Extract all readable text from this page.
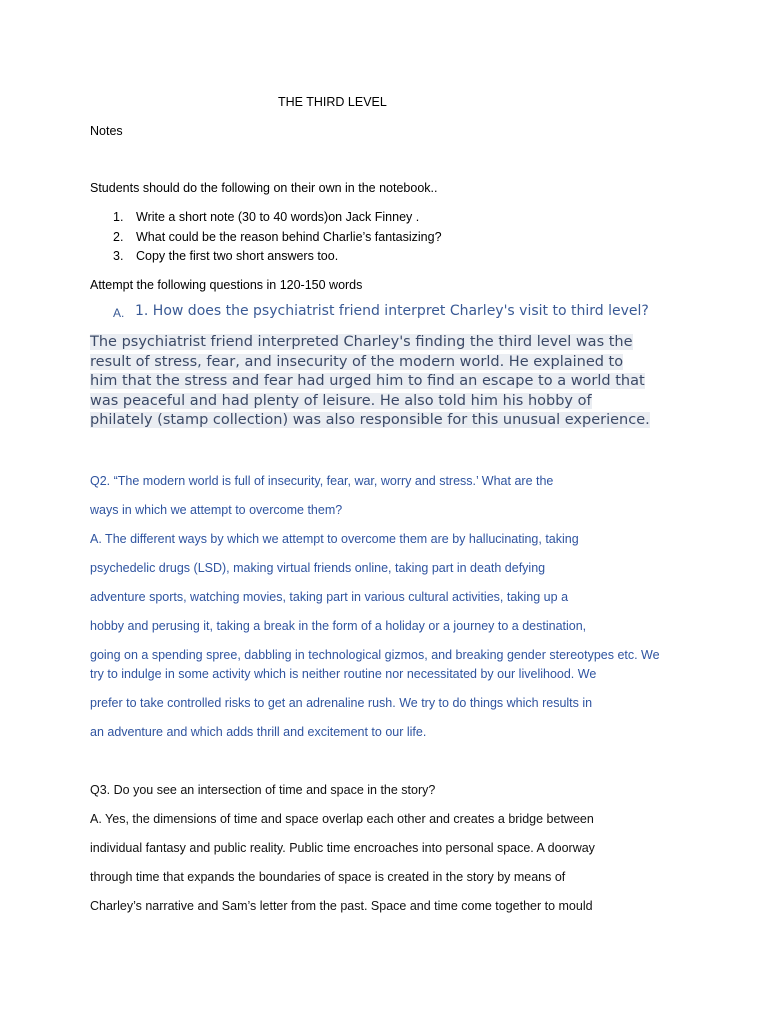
THE THIRD LEVEL
Notes
Students should do the following on their own in the notebook..
1. Write a short note (30 to 40 words)on Jack Finney .
2. What could be the reason behind Charlie’s fantasizing?
3. Copy the first two short answers too.
Attempt the following questions in 120-150 words
A. 1. How does the psychiatrist friend interpret Charley's visit to third level?
The psychiatrist friend interpreted Charley's finding the third level was the
result of stress, fear, and insecurity of the modern world. He explained to
him that the stress and fear had urged him to find an escape to a world that
was peaceful and had plenty of leisure. He also told him his hobby of
philately (stamp collection) was also responsible for this unusual experience.
Q2. “The modern world is full of insecurity, fear, war, worry and stress.’ What are the
ways in which we attempt to overcome them?
A. The different ways by which we attempt to overcome them are by hallucinating, taking
psychedelic drugs (LSD), making virtual friends online, taking part in death defying
adventure sports, watching movies, taking part in various cultural activities, taking up a
hobby and perusing it, taking a break in the form of a holiday or a journey to a destination,
going on a spending spree, dabbling in technological gizmos, and breaking gender stereotypes etc. We
try to indulge in some activity which is neither routine nor necessitated by our livelihood. We
prefer to take controlled risks to get an adrenaline rush. We try to do things which results in
an adventure and which adds thrill and excitement to our life.
Q3. Do you see an intersection of time and space in the story?
A. Yes, the dimensions of time and space overlap each other and creates a bridge between
individual fantasy and public reality. Public time encroaches into personal space. A doorway
through time that expands the boundaries of space is created in the story by means of
Charley’s narrative and Sam’s letter from the past. Space and time come together to mould
